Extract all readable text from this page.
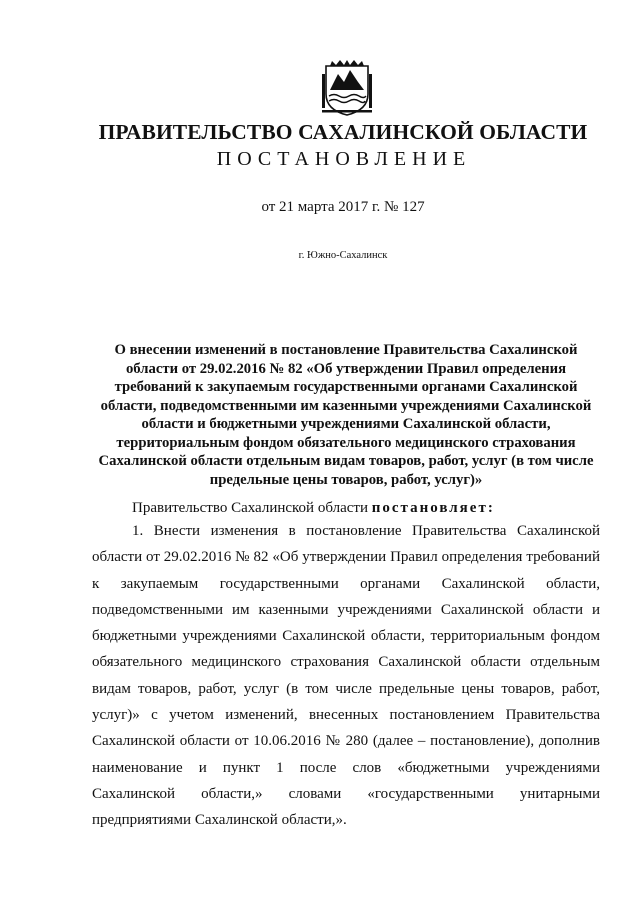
ПРАВИТЕЛЬСТВО САХАЛИНСКОЙ ОБЛАСТИ
ПОСТАНОВЛЕНИЕ
от 21 марта 2017 г. № 127
г. Южно-Сахалинск
О внесении изменений в постановление Правительства Сахалинской области от 29.02.2016 № 82 «Об утверждении Правил определения требований к закупаемым государственными органами Сахалинской области, подведомственными им казенными учреждениями Сахалинской области и бюджетными учреждениями Сахалинской области, территориальным фондом обязательного медицинского страхования Сахалинской области отдельным видам товаров, работ, услуг (в том числе предельные цены товаров, работ, услуг)»
Правительство Сахалинской области постановляет:

1. Внести изменения в постановление Правительства Сахалинской области от 29.02.2016 № 82 «Об утверждении Правил определения требований к закупаемым государственными органами Сахалинской области, подведомственными им казенными учреждениями Сахалинской области и бюджетными учреждениями Сахалинской области, территориальным фондом обязательного медицинского страхования Сахалинской области отдельным видам товаров, работ, услуг (в том числе предельные цены товаров, работ, услуг)» с учетом изменений, внесенных постановлением Правительства Сахалинской области от 10.06.2016 № 280 (далее – постановление), дополнив наименование и пункт 1 после слов «бюджетными учреждениями Сахалинской области,» словами «государственными унитарными предприятиями Сахалинской области,».
